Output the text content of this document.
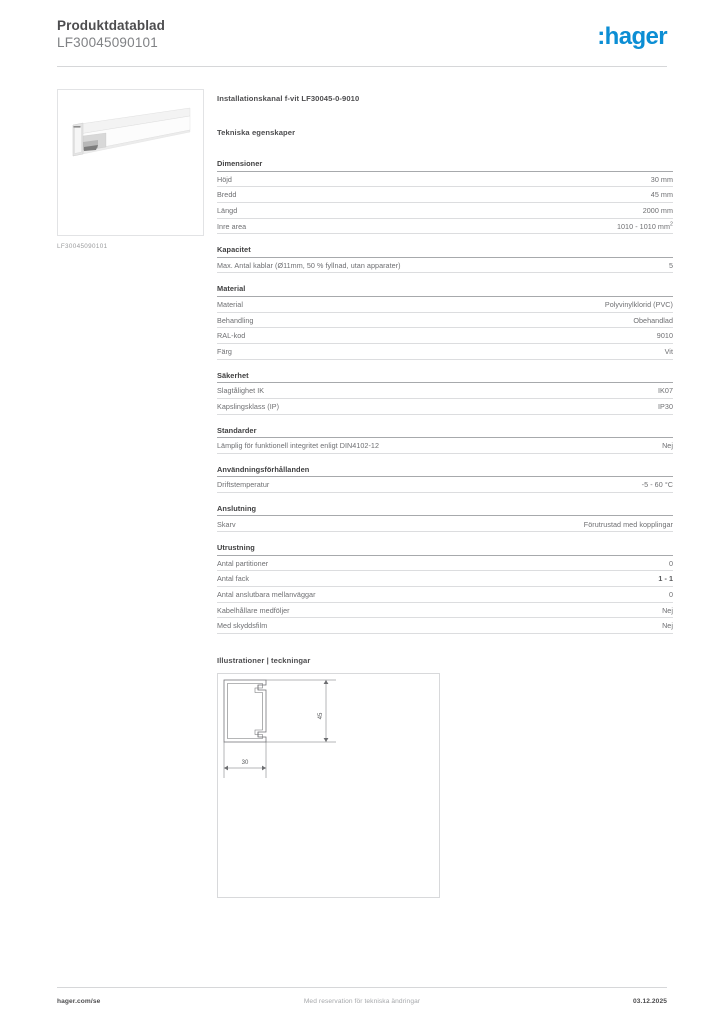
Produktdatablad
LF30045090101	:hager
LF30045090101
Installationskanal f-vit LF30045-0-9010
Tekniska egenskaper
Dimensioner
Höjd	30 mm
Bredd	45 mm
Längd	2000 mm
Inre area	1010 - 1010 $mm^2$
Kapacitet
Max. Antal kablar (Ø11mm, 50 % fyllnad, utan apparater)	5
Material
Material	Polyvinylklorid (PVC)
Behandling	Obehandlad
RAL-kod	9010
Färg	Vit
Säkerhet
Slagtålighet IK	IK07
Kapslingsklass (IP)	IP30
Standarder
Lämplig för funktionell integritet enligt DIN4102-12	Nej
Användningsförhållanden
Driftstemperatur	-5 - 60 °C
Anslutning
Skarv	Förutrustad med kopplingar
Utrustning
Antal partitioner	0
Antal fack	1 - 1
Antal anslutbara mellanväggar	0
Kabelhållare medföljer	Nej
Med skyddsfilm	Nej
Illustrationer | teckningar
45
30
hager.com/se	Med reservation för tekniska ändringar	03.12.2025
